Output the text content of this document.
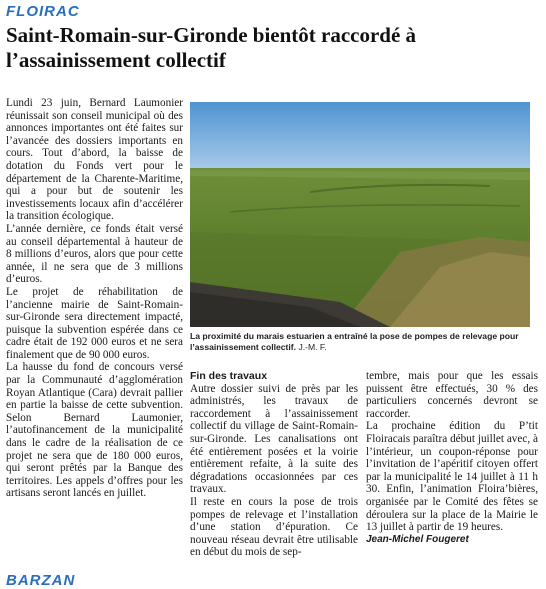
FLOIRAC
Saint-Romain-sur-Gironde bientôt raccordé à l’assainissement collectif

Lundi 23 juin, Bernard Laumonier réunissait son conseil municipal où des annonces importantes ont été faites sur l’avancée des dossiers importants en cours. Tout d’abord, la baisse de dotation du Fonds vert pour le département de la Charente-Maritime, qui a pour but de soutenir les investissements locaux afin d’accélérer la transition écologique.

L’année dernière, ce fonds était versé au conseil départemental à hauteur de 8 millions d’euros, alors que pour cette année, il ne sera que de 3 millions d’euros.

Le projet de réhabilitation de l’ancienne mairie de Saint-Romain-sur-Gironde sera directement impacté, puisque la subvention espérée dans ce cadre était de 192 000 euros et ne sera finalement que de 90 000 euros.

La hausse du fond de concours versé par la Communauté d’agglomération Royan Atlantique (Cara) devrait pallier en partie la baisse de cette subvention. Selon Bernard Laumonier, l’autofinancement de la municipalité dans le cadre de la réalisation de ce projet ne sera que de 180 000 euros, qui seront prêtés par la Banque des territoires. Les appels d’offres pour les artisans seront lancés en juillet.

La proximité du marais estuarien a entraîné la pose de pompes de relevage pour l’assainissement collectif. J.-M. F.

Fin des travaux

Autre dossier suivi de près par les administrés, les travaux de raccordement à l’assainissement collectif du village de Saint-Romain-sur-Gironde. Les canalisations ont été entièrement posées et la voirie entièrement refaite, à la suite des dégradations occasionnées par ces travaux.

Il reste en cours la pose de trois pompes de relevage et l’installation d’une station d’épuration. Ce nouveau réseau devrait être utilisable en début du mois de sep-

tembre, mais pour que les essais puissent être effectués, 30 % des particuliers concernés devront se raccorder.

La prochaine édition du P’tit Floiracais paraîtra début juillet avec, à l’intérieur, un coupon-réponse pour l’invitation de l’apéritif citoyen offert par la municipalité le 14 juillet à 11 h 30. Enfin, l’animation Floira’bières, organisée par le Comité des fêtes se déroulera sur la place de la Mairie le 13 juillet à partir de 19 heures.

Jean-Michel Fougeret

BARZAN
